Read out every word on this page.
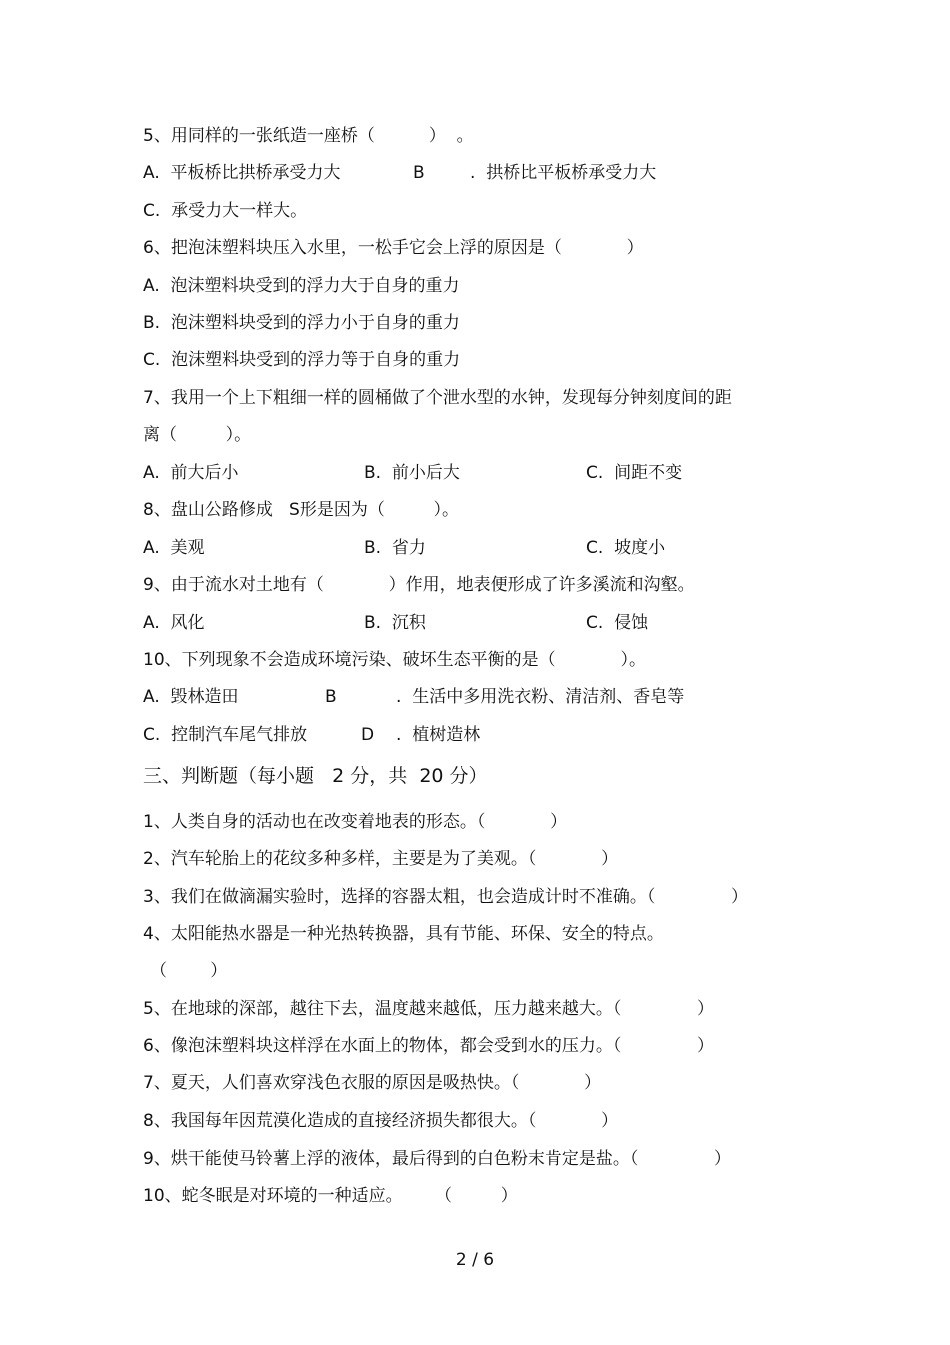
5、用同样的一张纸造一座桥（          ）  。
A.  平板桥比拱桥承受力大	B	.  拱桥比平板桥承受力大
C.  承受力大一样大。
6、把泡沫塑料块压入水里，一松手它会上浮的原因是（            ）
A.  泡沫塑料块受到的浮力大于自身的重力
B.  泡沫塑料块受到的浮力小于自身的重力
C.  泡沫塑料块受到的浮力等于自身的重力
7、我用一个上下粗细一样的圆桶做了个泄水型的水钟，发现每分钟刻度间的距
离（         ）。
A.  前大后小	B.  前小后大	C.  间距不变
8、盘山公路修成   S形是因为（         ）。
A.  美观	B.  省力	C.  坡度小
9、由于流水对土地有（            ）作用，地表便形成了许多溪流和沟壑。
A.  风化	B.  沉积	C.  侵蚀
10、下列现象不会造成环境污染、破坏生态平衡的是（            ）。
A.  毁林造田	B	.  生活中多用洗衣粉、清洁剂、香皂等
C.  控制汽车尾气排放	D .  植树造林
三、判断题（每小题   2 分，共  20 分）
1、人类自身的活动也在改变着地表的形态。（            ）
2、汽车轮胎上的花纹多种多样，主要是为了美观。（            ）
3、我们在做滴漏实验时，选择的容器太粗，也会造成计时不准确。（              ）
4、太阳能热水器是一种光热转换器，具有节能、环保、安全的特点。
（        ）
5、在地球的深部，越往下去，温度越来越低，压力越来越大。（              ）
6、像泡沫塑料块这样浮在水面上的物体，都会受到水的压力。（              ）
7、夏天，人们喜欢穿浅色衣服的原因是吸热快。（            ）
8、我国每年因荒漠化造成的直接经济损失都很大。（            ）
9、烘干能使马铃薯上浮的液体，最后得到的白色粉末肯定是盐。（              ）
10、蛇冬眠是对环境的一种适应。      （         ）
2 / 6
